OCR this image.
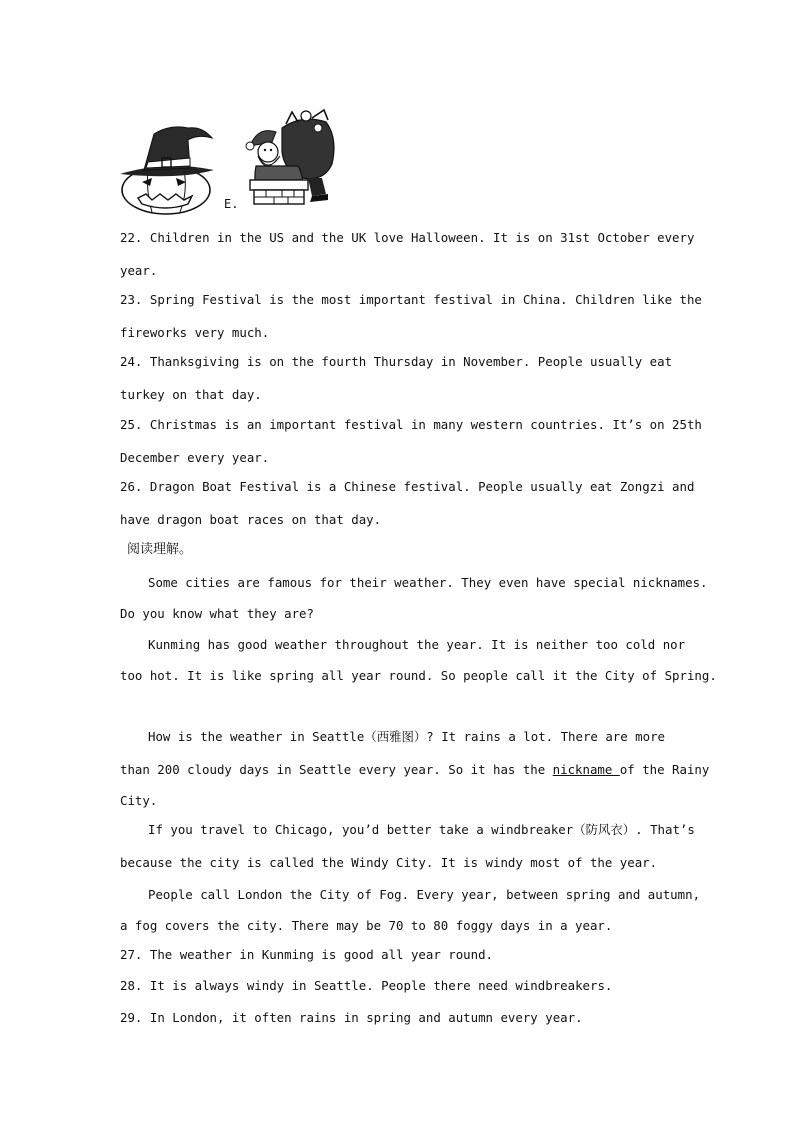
E.
22. Children in the US and the UK love Halloween. It is on 31st October every
year.
23. Spring Festival is the most important festival in China. Children like the
fireworks very much.
24. Thanksgiving is on the fourth Thursday in November. People usually eat
turkey on that day.
25. Christmas is an important festival in many western countries. It’s on 25th
December every year.
26. Dragon Boat Festival is a Chinese festival. People usually eat Zongzi and
have dragon boat races on that day.
阅读理解。
Some cities are famous for their weather. They even have special nicknames.
Do you know what they are?
Kunming has good weather throughout the year. It is neither too cold nor
too hot. It is like spring all year round. So people call it the City of Spring.
How is the weather in Seattle（西雅图）? It rains a lot. There are more
than 200 cloudy days in Seattle every year. So it has the nickname of the Rainy
City.
If you travel to Chicago, you’d better take a windbreaker（防风衣）. That’s
because the city is called the Windy City. It is windy most of the year.
People call London the City of Fog. Every year, between spring and autumn,
a fog covers the city. There may be 70 to 80 foggy days in a year.
27. The weather in Kunming is good all year round.
28. It is always windy in Seattle. People there need windbreakers.
29. In London, it often rains in spring and autumn every year.
